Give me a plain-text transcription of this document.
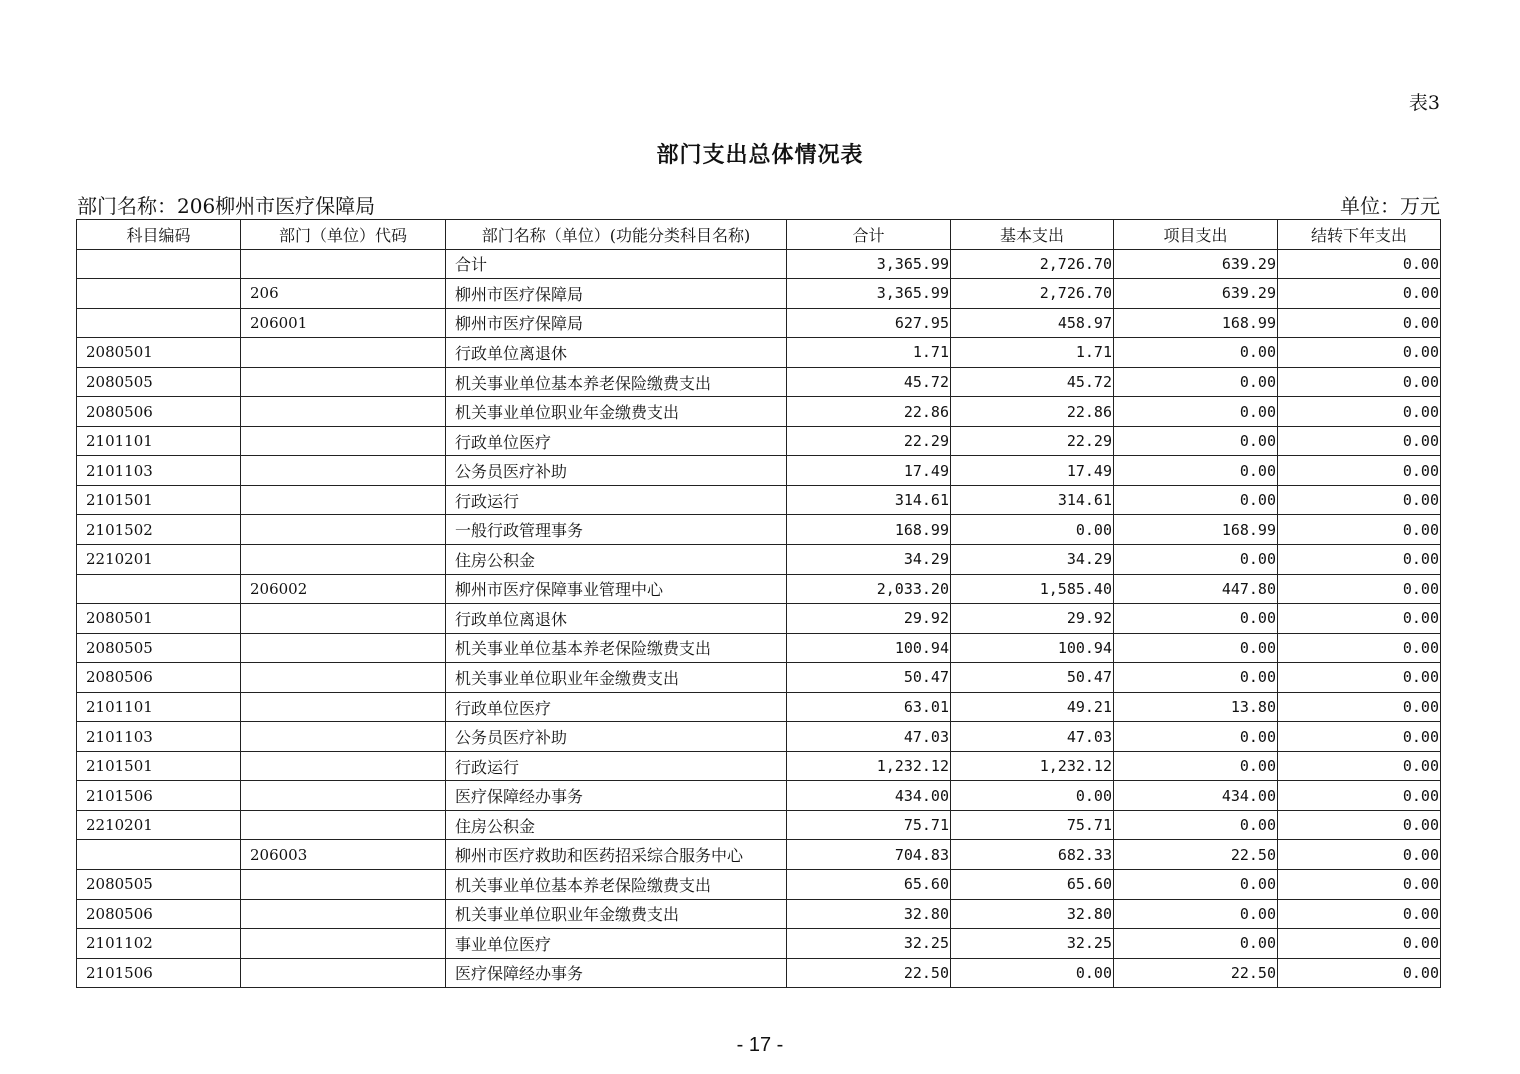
表3
部门支出总体情况表
部门名称：206柳州市医疗保障局	单位：万元
科目编码	部门（单位）代码	部门名称（单位）(功能分类科目名称)	合计	基本支出	项目支出	结转下年支出
		合计	3,365.99	2,726.70	639.29	0.00
	206	柳州市医疗保障局	3,365.99	2,726.70	639.29	0.00
	206001	柳州市医疗保障局	627.95	458.97	168.99	0.00
2080501		行政单位离退休	1.71	1.71	0.00	0.00
2080505		机关事业单位基本养老保险缴费支出	45.72	45.72	0.00	0.00
2080506		机关事业单位职业年金缴费支出	22.86	22.86	0.00	0.00
2101101		行政单位医疗	22.29	22.29	0.00	0.00
2101103		公务员医疗补助	17.49	17.49	0.00	0.00
2101501		行政运行	314.61	314.61	0.00	0.00
2101502		一般行政管理事务	168.99	0.00	168.99	0.00
2210201		住房公积金	34.29	34.29	0.00	0.00
	206002	柳州市医疗保障事业管理中心	2,033.20	1,585.40	447.80	0.00
2080501		行政单位离退休	29.92	29.92	0.00	0.00
2080505		机关事业单位基本养老保险缴费支出	100.94	100.94	0.00	0.00
2080506		机关事业单位职业年金缴费支出	50.47	50.47	0.00	0.00
2101101		行政单位医疗	63.01	49.21	13.80	0.00
2101103		公务员医疗补助	47.03	47.03	0.00	0.00
2101501		行政运行	1,232.12	1,232.12	0.00	0.00
2101506		医疗保障经办事务	434.00	0.00	434.00	0.00
2210201		住房公积金	75.71	75.71	0.00	0.00
	206003	柳州市医疗救助和医药招采综合服务中心	704.83	682.33	22.50	0.00
2080505		机关事业单位基本养老保险缴费支出	65.60	65.60	0.00	0.00
2080506		机关事业单位职业年金缴费支出	32.80	32.80	0.00	0.00
2101102		事业单位医疗	32.25	32.25	0.00	0.00
2101506		医疗保障经办事务	22.50	0.00	22.50	0.00
- 17 -
